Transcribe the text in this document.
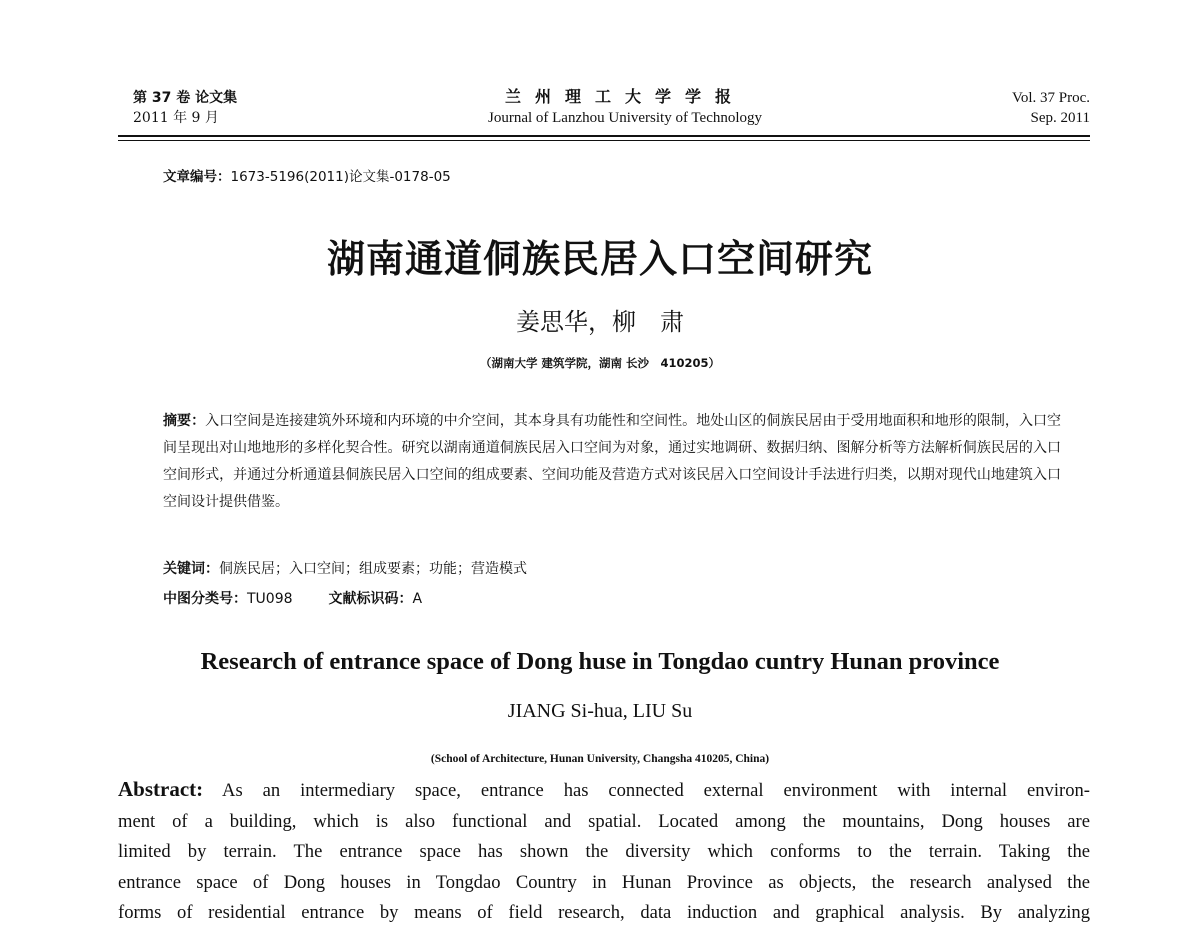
第 37 卷 论文集
2011 年 9 月
兰州理工大学学报
Journal of Lanzhou University of Technology
Vol. 37 Proc.
Sep. 2011
文章编号：1673-5196(2011)论文集-0178-05
湖南通道侗族民居入口空间研究
姜思华，柳　肃
（湖南大学 建筑学院，湖南 长沙　410205）
摘要：入口空间是连接建筑外环境和内环境的中介空间，其本身具有功能性和空间性。地处山区的侗族民居由于受用地面积和地形的限制，入口空间呈现出对山地地形的多样化契合性。研究以湖南通道侗族民居入口空间为对象，通过实地调研、数据归纳、图解分析等方法解析侗族民居的入口空间形式，并通过分析通道县侗族民居入口空间的组成要素、空间功能及营造方式对该民居入口空间设计手法进行归类，以期对现代山地建筑入口空间设计提供借鉴。
关键词：侗族民居；入口空间；组成要素；功能；营造模式
中图分类号：TU098	文献标识码：A
Research of entrance space of Dong huse in Tongdao cuntry Hunan province
JIANG Si-hua, LIU Su
(School of Architecture, Hunan University, Changsha 410205, China)
Abstract: As an intermediary space, entrance has connected external environment with internal environ-
ment of a building, which is also functional and spatial. Located among the mountains, Dong houses are
limited by terrain. The entrance space has shown the diversity which conforms to the terrain. Taking the
entrance space of Dong houses in Tongdao Country in Hunan Province as objects, the research analysed the
forms of residential entrance by means of field research, data induction and graphical analysis. By analyzing
